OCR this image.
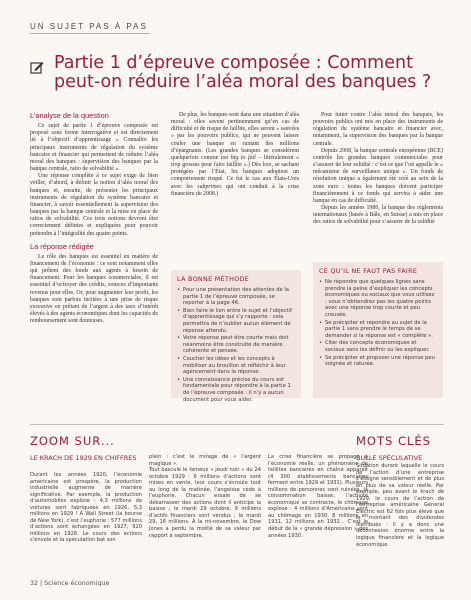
UN SUJET PAS À PAS
Partie 1 d’épreuve composée : Comment peut-on réduire l’aléa moral des banques ?
L’analyse de la question

Ce sujet de partie 1 d’épreuve composée est proposé sous forme interrogative et est directement lié à l’objectif d’apprentissage « Connaître les principaux instruments de régulation du système bancaire et financier qui permettent de réduire l’aléa moral des banques : supervision des banques par la banque centrale, ratio de solvabilité ».

Une réponse complète à ce sujet exige de bien veiller, d’abord, à définir la notion d’aléa moral des banques et, ensuite, de présenter les principaux instruments de régulation du système bancaire et financier, à savoir essentiellement la supervision des banques par la banque centrale et la mise en place de ratios de solvabilité. Ces trois notions devront être correctement définies et expliquées pour pouvoir prétendre à l’intégralité des quatre points.

La réponse rédigée

Le rôle des banques est essentiel en matière de financement de l’économie : ce sont notamment elles qui prêtent des fonds aux agents à besoin de financement. Pour les banques commerciales, il est essentiel d’octroyer des crédits, sources d’importants revenus pour elles. Or, pour augmenter leur profit, les banques sont parfois incitées à une prise de risque excessive en prêtant de l’argent à des taux d’intérêt élevés à des agents économiques dont les capacités de remboursement sont douteuses.

De plus, les banques sont dans une situation d’aléa moral : elles savent pertinemment qu’en cas de difficulté et de risque de faillite, elles seront « sauvées » par les pouvoirs publics, qui ne peuvent laisser couler une banque en ruinant des millions d’épargnants. (Les grandes banques se considèrent quelquefois comme too big to fail – littéralement « trop grosses pour faire faillite ».) Dès lors, se sachant protégées par l’État, les banques adoptent un comportement risqué. Ce fut le cas aux États-Unis avec les subprimes qui ont conduit à la crise financière de 2008.)

Pour lutter contre l’aléa moral des banques, les pouvoirs publics ont mis en place des instruments de régulation du système bancaire et financier avec, notamment, la supervision des banques par la banque centrale.

Depuis 2008, la banque centrale européenne (BCE) contrôle les grandes banques commerciales pour s’assurer de leur solidité : c’est ce que l’on appelle le « mécanisme de surveillance unique ». Un fonds de résolution unique a également été créé au sein de la zone euro : toutes les banques doivent participer financièrement à ce fonds qui servira à aider une banque en cas de difficulté.

Depuis les années 1980, la banque des règlements internationaux (basée à Bâle, en Suisse) a mis en place des ratios de solvabilité pour s’assurer de la solidité

LA BONNE MÉTHODE
• Pour une présentation des attentes de la partie 1 de l’épreuve composée, se reporter à la page 46.
• Bien faire le lien entre le sujet et l’objectif d’apprentissage qui s’y rapporte : cela permettra de n’oublier aucun élément de réponse attendu.
• Votre réponse peut être courte mais doit néanmoins être construite de manière cohérente et pensée.
• Coucher les idées et les concepts à mobiliser au brouillon et réfléchir à leur agencement dans la réponse.
• Une connaissance précise du cours est fondamentale pour répondre à la partie 1 de l’épreuve composée : il n’y a aucun document pour vous aider.
CE QU’IL NE FAUT PAS FAIRE
• Ne répondre que quelques lignes sans prendre la peine d’expliquer les concepts économiques ou sociaux que vous utilisez : vous n’obtiendrez pas les quatre points avec une réponse trop courte et peu creusée.
• Se précipiter et répondre au sujet de la partie 1 sans prendre le temps de se demander si la réponse est « complète ».
• Citer des concepts économiques et sociaux sans les définir ou les expliquer.
• Se précipiter et proposer une réponse peu soignée et raturée.
ZOOM SUR...
LE KRACH DE 1929 EN CHIFFRES
Durant les années 1920, l’économie américaine est prospère, la production industrielle augmente de manière significative. Par exemple, la production d’automobiles explose : 4,3 millions de voitures sont fabriquées en 1926, 5,3 millions en 1929 ! À Wall Street (la bourse de New York), c’est l’euphorie : 577 millions d’actions sont échangées en 1927, 920 millions en 1928. Le cours des actions s’envole et la spéculation bat son
plein : c’est le mirage de « l’argent magique ».
Tout bascule le fameux « jeudi noir » du 24 octobre 1929 : 6 millions d’actions sont mises en vente, leur cours s’écroule tout au long de la matinée, l’angoisse cède à l’euphorie. Chacun essaie de se débarrasser des actions dont il anticipe la baisse : le mardi 29 octobre, 9 millions d’actifs financiers sont vendus ; le mardi 29, 16 millions. À la mi-novembre, le Dow Jones a perdu la moitié de sa valeur par rapport à septembre.
La crise financière se propage à l’économie réelle, un phénomène de faillites bancaires en chaîne apparaît (4 300 établissements bancaires ferment entre 1929 et 1931). Plusieurs millions de personnes sont ruinées, la consommation baisse, l’activité économique se contracte, le chômage explose : 4 millions d’Américains sont au chômage en 1930, 8 millions en 1931, 12 millions en 1932... C’est le début de la « grande dépression » des années 1930.
MOTS CLÉS
BULLE SPÉCULATIVE
Situation durant laquelle le cours de l’action d’une entreprise s’éloigne sensiblement et de plus en plus de sa valeur réelle. Par exemple, peu avant le krach de 1929, le cours de l’action de l’entreprise américaine General Electric est 62 fois plus élevé que le montant des dividendes distribués : il y a donc une déconnexion énorme entre la logique financière et la logique économique.
32 | Science économique
